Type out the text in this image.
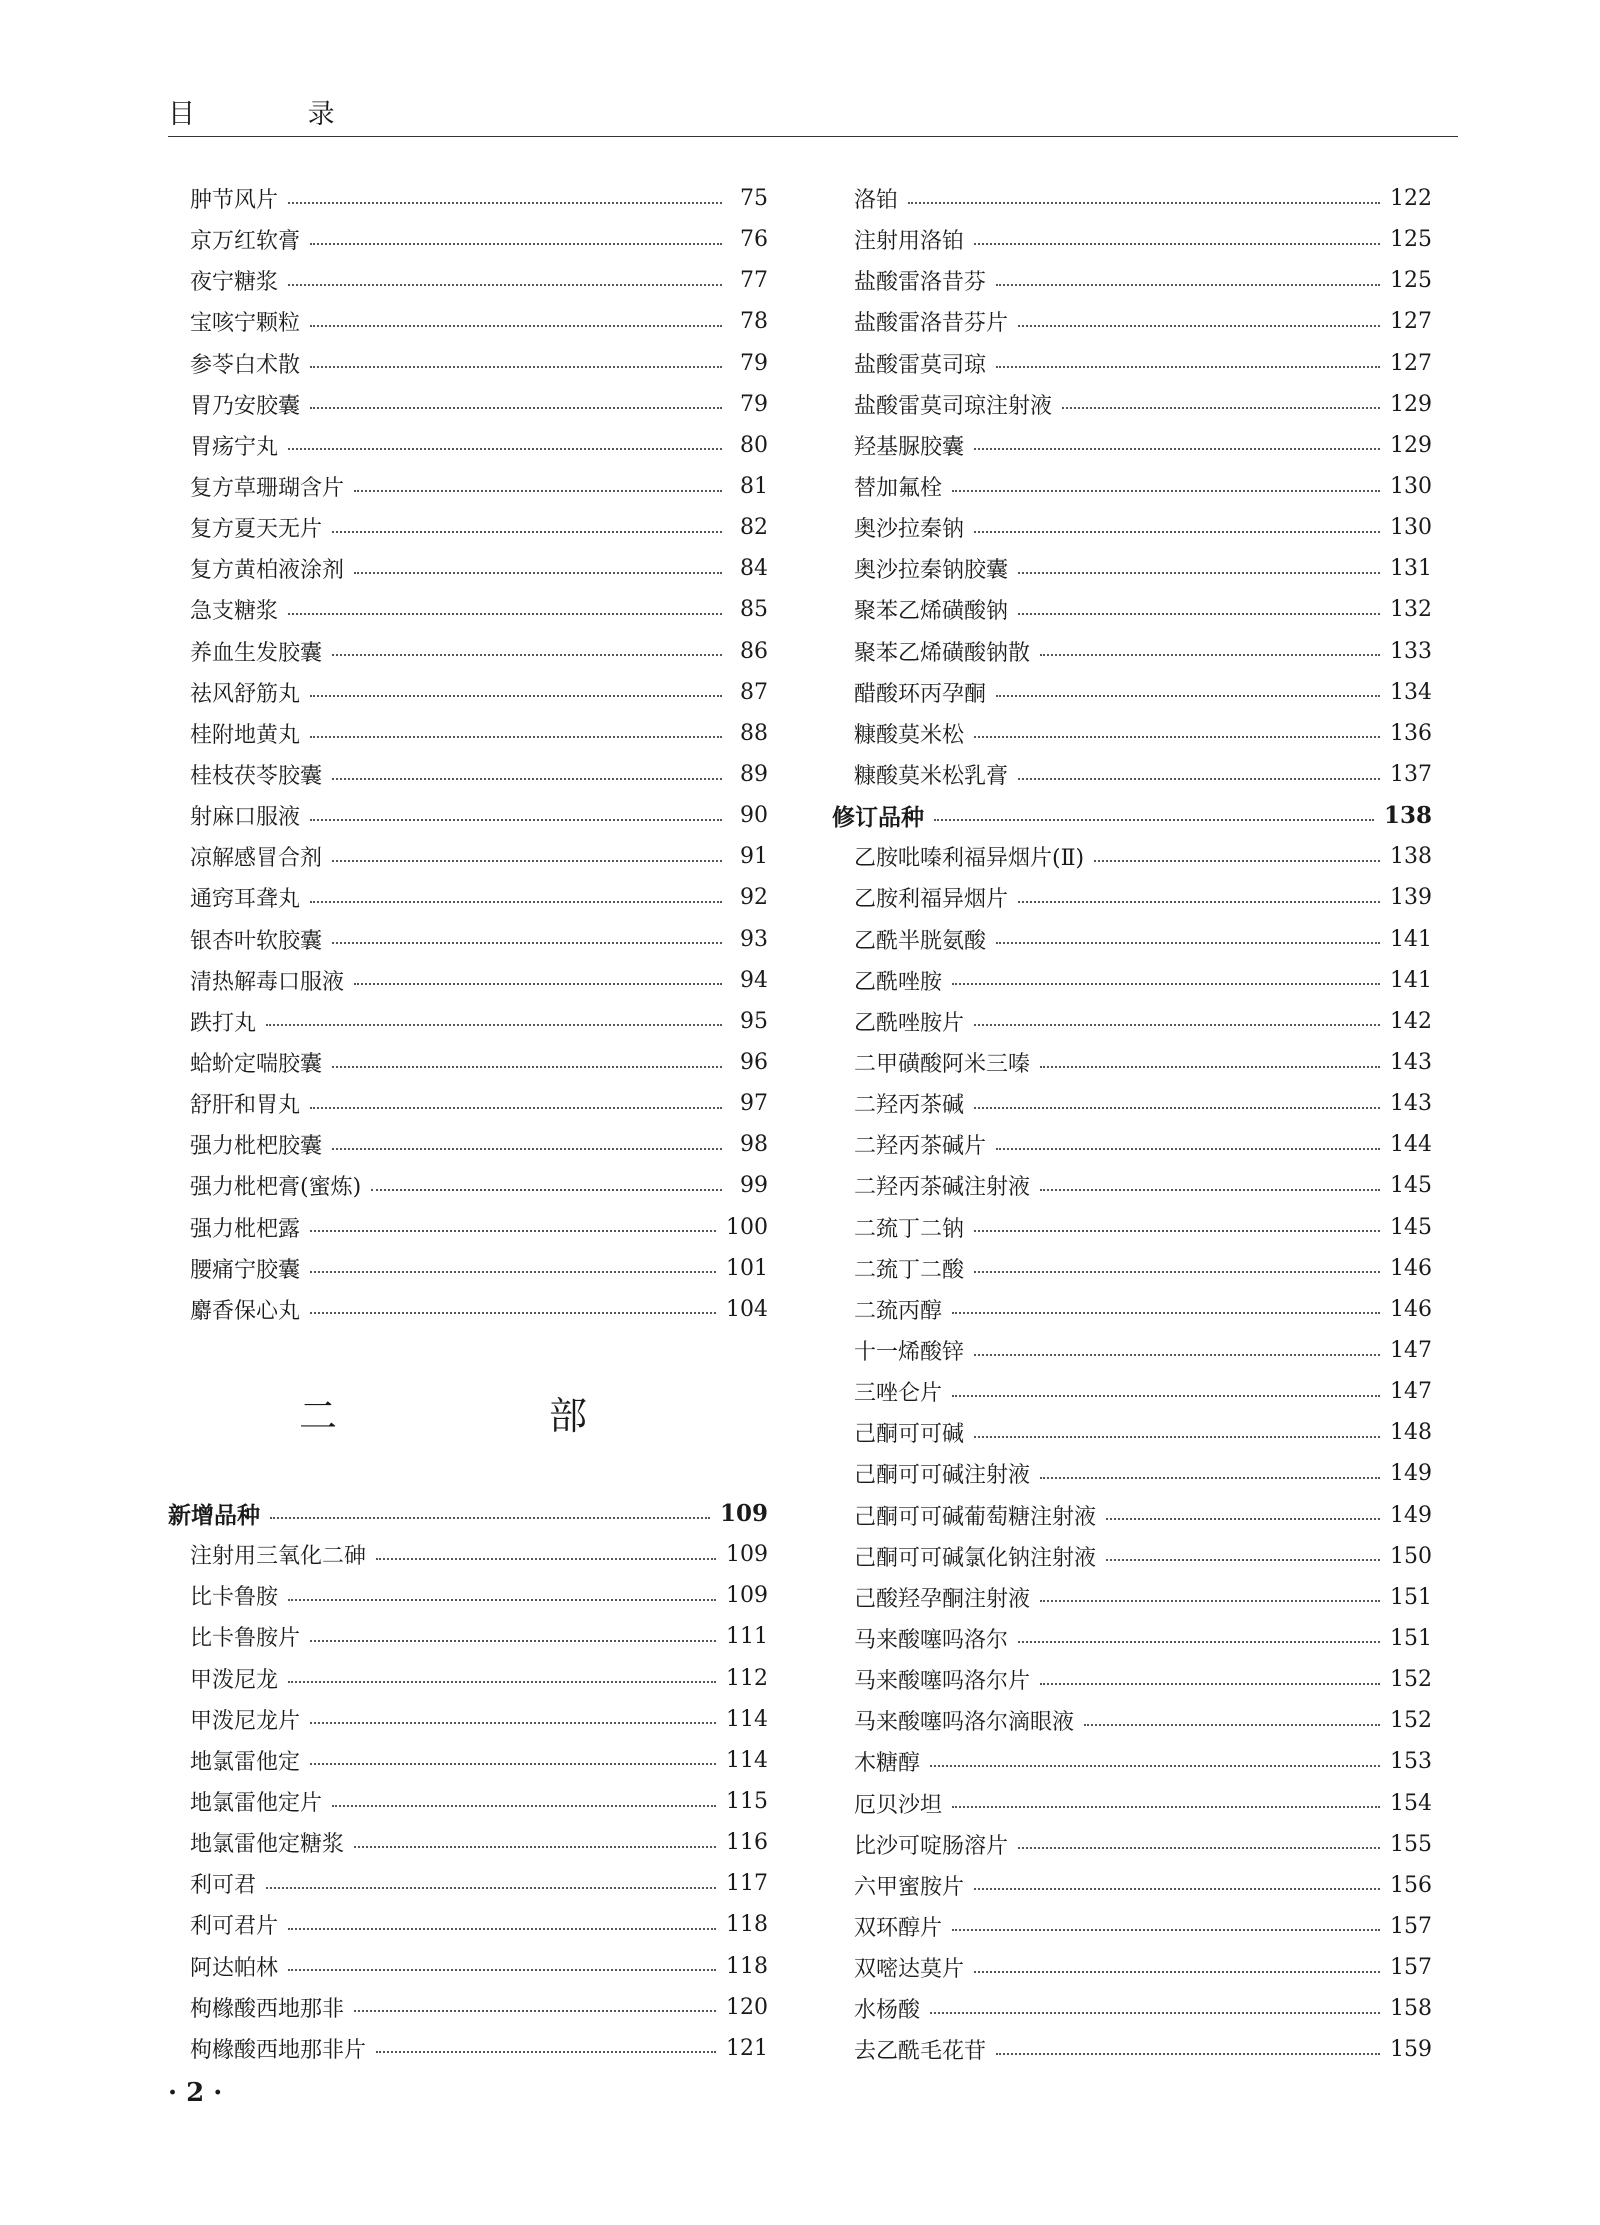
目 录
肿节风片	75
京万红软膏	76
夜宁糖浆	77
宝咳宁颗粒	78
参苓白术散	79
胃乃安胶囊	79
胃疡宁丸	80
复方草珊瑚含片	81
复方夏天无片	82
复方黄柏液涂剂	84
急支糖浆	85
养血生发胶囊	86
祛风舒筋丸	87
桂附地黄丸	88
桂枝茯苓胶囊	89
射麻口服液	90
凉解感冒合剂	91
通窍耳聋丸	92
银杏叶软胶囊	93
清热解毒口服液	94
跌打丸	95
蛤蚧定喘胶囊	96
舒肝和胃丸	97
强力枇杷胶囊	98
强力枇杷膏(蜜炼)	99
强力枇杷露	100
腰痛宁胶囊	101
麝香保心丸	104
二 部
新增品种	109
注射用三氧化二砷	109
比卡鲁胺	109
比卡鲁胺片	111
甲泼尼龙	112
甲泼尼龙片	114
地氯雷他定	114
地氯雷他定片	115
地氯雷他定糖浆	116
利可君	117
利可君片	118
阿达帕林	118
枸橼酸西地那非	120
枸橼酸西地那非片	121
洛铂	122
注射用洛铂	125
盐酸雷洛昔芬	125
盐酸雷洛昔芬片	127
盐酸雷莫司琼	127
盐酸雷莫司琼注射液	129
羟基脲胶囊	129
替加氟栓	130
奥沙拉秦钠	130
奥沙拉秦钠胶囊	131
聚苯乙烯磺酸钠	132
聚苯乙烯磺酸钠散	133
醋酸环丙孕酮	134
糠酸莫米松	136
糠酸莫米松乳膏	137
修订品种	138
乙胺吡嗪利福异烟片(Ⅱ)	138
乙胺利福异烟片	139
乙酰半胱氨酸	141
乙酰唑胺	141
乙酰唑胺片	142
二甲磺酸阿米三嗪	143
二羟丙茶碱	143
二羟丙茶碱片	144
二羟丙茶碱注射液	145
二巯丁二钠	145
二巯丁二酸	146
二巯丙醇	146
十一烯酸锌	147
三唑仑片	147
己酮可可碱	148
己酮可可碱注射液	149
己酮可可碱葡萄糖注射液	149
己酮可可碱氯化钠注射液	150
己酸羟孕酮注射液	151
马来酸噻吗洛尔	151
马来酸噻吗洛尔片	152
马来酸噻吗洛尔滴眼液	152
木糖醇	153
厄贝沙坦	154
比沙可啶肠溶片	155
六甲蜜胺片	156
双环醇片	157
双嘧达莫片	157
水杨酸	158
去乙酰毛花苷	159
· 2 ·
